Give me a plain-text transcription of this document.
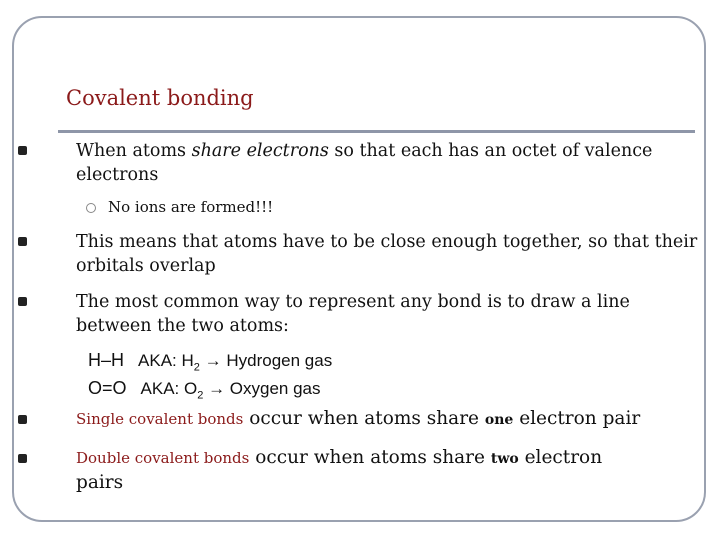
Covalent bonding
When atoms share electrons so that each has an octet of valence
electrons
No ions are formed!!!
This means that atoms have to be close enough together, so that their
orbitals overlap
The most common way to represent any bond is to draw a line
between the two atoms:
H–H AKA: $H_2$ → Hydrogen gas
O=O AKA: $O_2$ → Oxygen gas
Single covalent bonds occur when atoms share one electron pair
Double covalent bonds occur when atoms share two electron
pairs
